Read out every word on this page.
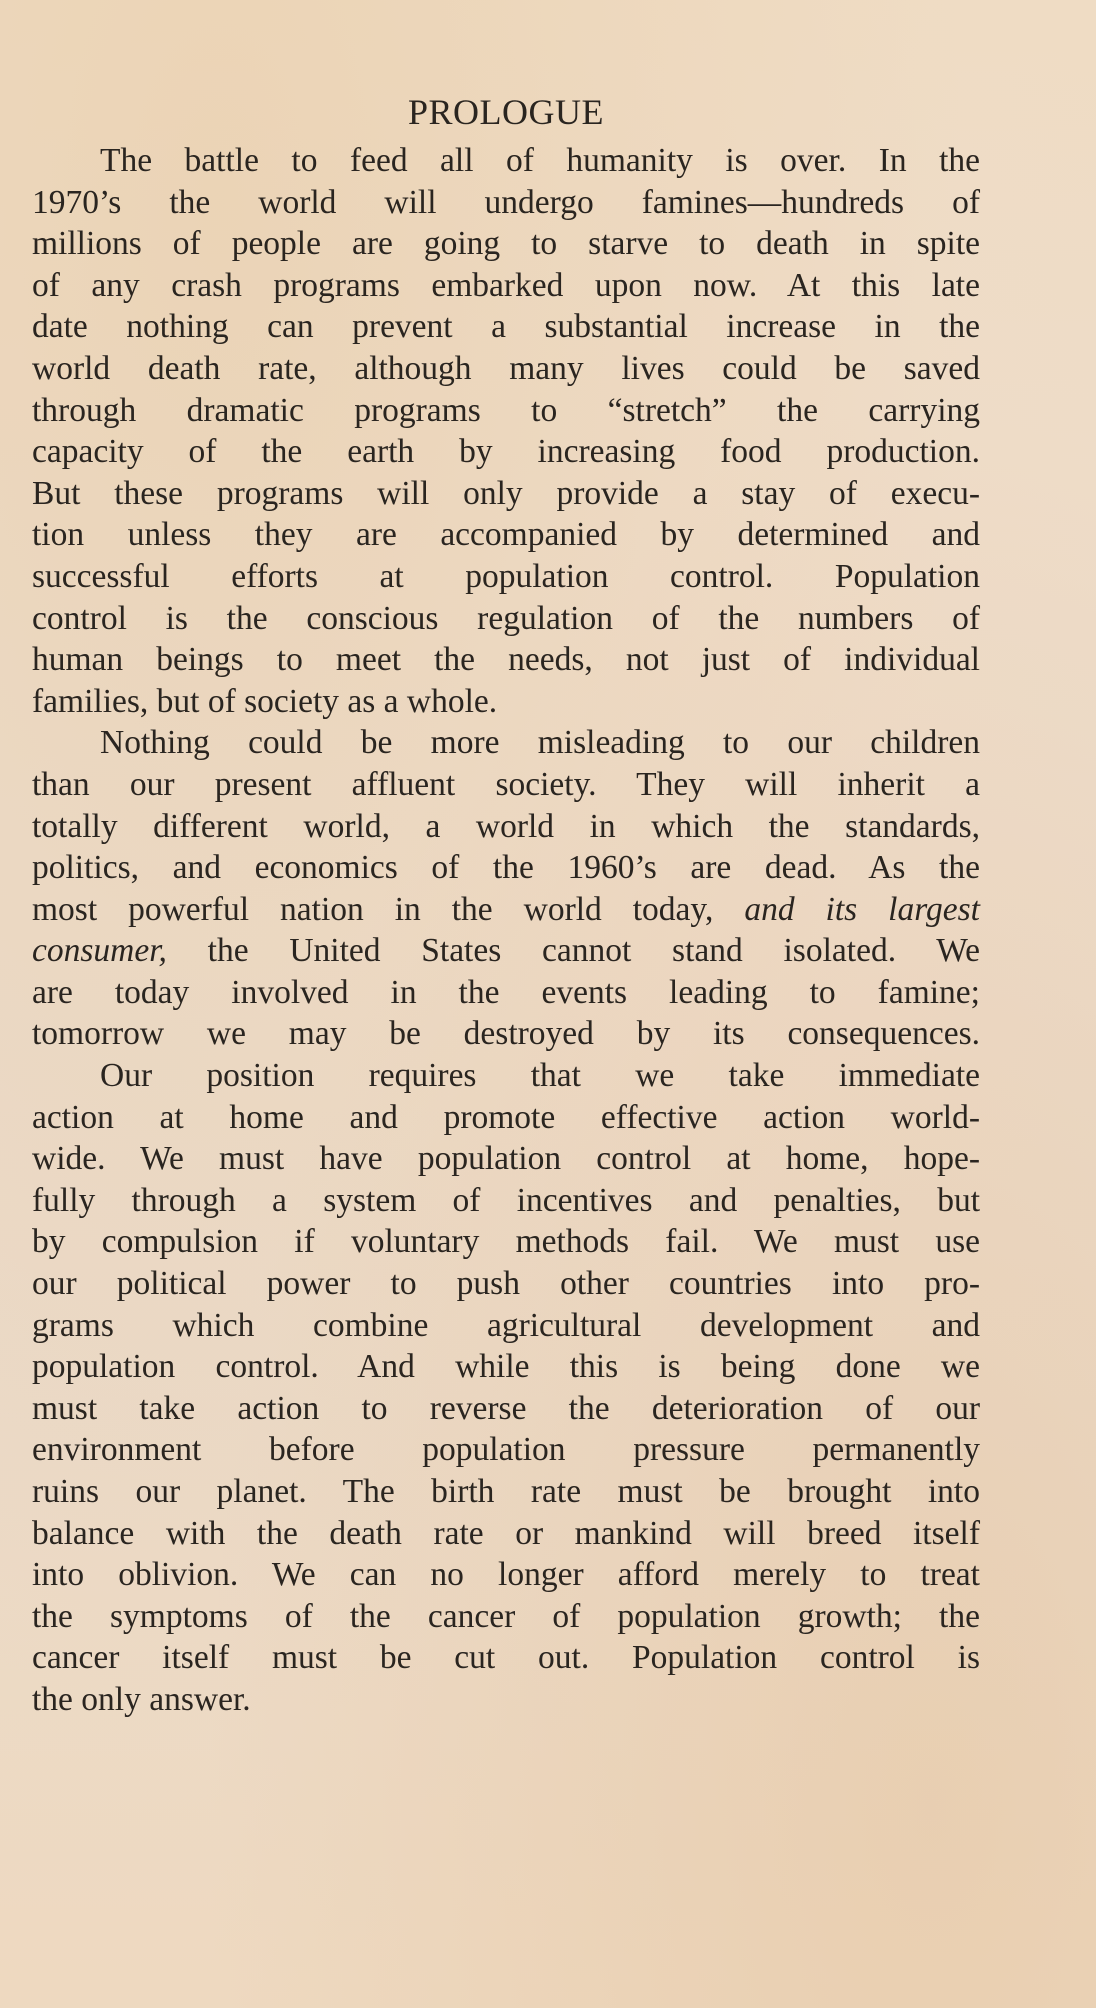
PROLOGUE

The battle to feed all of humanity is over. In the
1970’s the world will undergo famines—hundreds of
millions of people are going to starve to death in spite
of any crash programs embarked upon now. At this late
date nothing can prevent a substantial increase in the
world death rate, although many lives could be saved
through dramatic programs to “stretch” the carrying
capacity of the earth by increasing food production.
But these programs will only provide a stay of execu-
tion unless they are accompanied by determined and
successful efforts at population control. Population
control is the conscious regulation of the numbers of
human beings to meet the needs, not just of individual
families, but of society as a whole.

Nothing could be more misleading to our children
than our present affluent society. They will inherit a
totally different world, a world in which the standards,
politics, and economics of the 1960’s are dead. As the
most powerful nation in the world today, and its largest
consumer, the United States cannot stand isolated. We
are today involved in the events leading to famine;
tomorrow we may be destroyed by its consequences.

Our position requires that we take immediate
action at home and promote effective action world-
wide. We must have population control at home, hope-
fully through a system of incentives and penalties, but
by compulsion if voluntary methods fail. We must use
our political power to push other countries into pro-
grams which combine agricultural development and
population control. And while this is being done we
must take action to reverse the deterioration of our
environment before population pressure permanently
ruins our planet. The birth rate must be brought into
balance with the death rate or mankind will breed itself
into oblivion. We can no longer afford merely to treat
the symptoms of the cancer of population growth; the
cancer itself must be cut out. Population control is
the only answer.
